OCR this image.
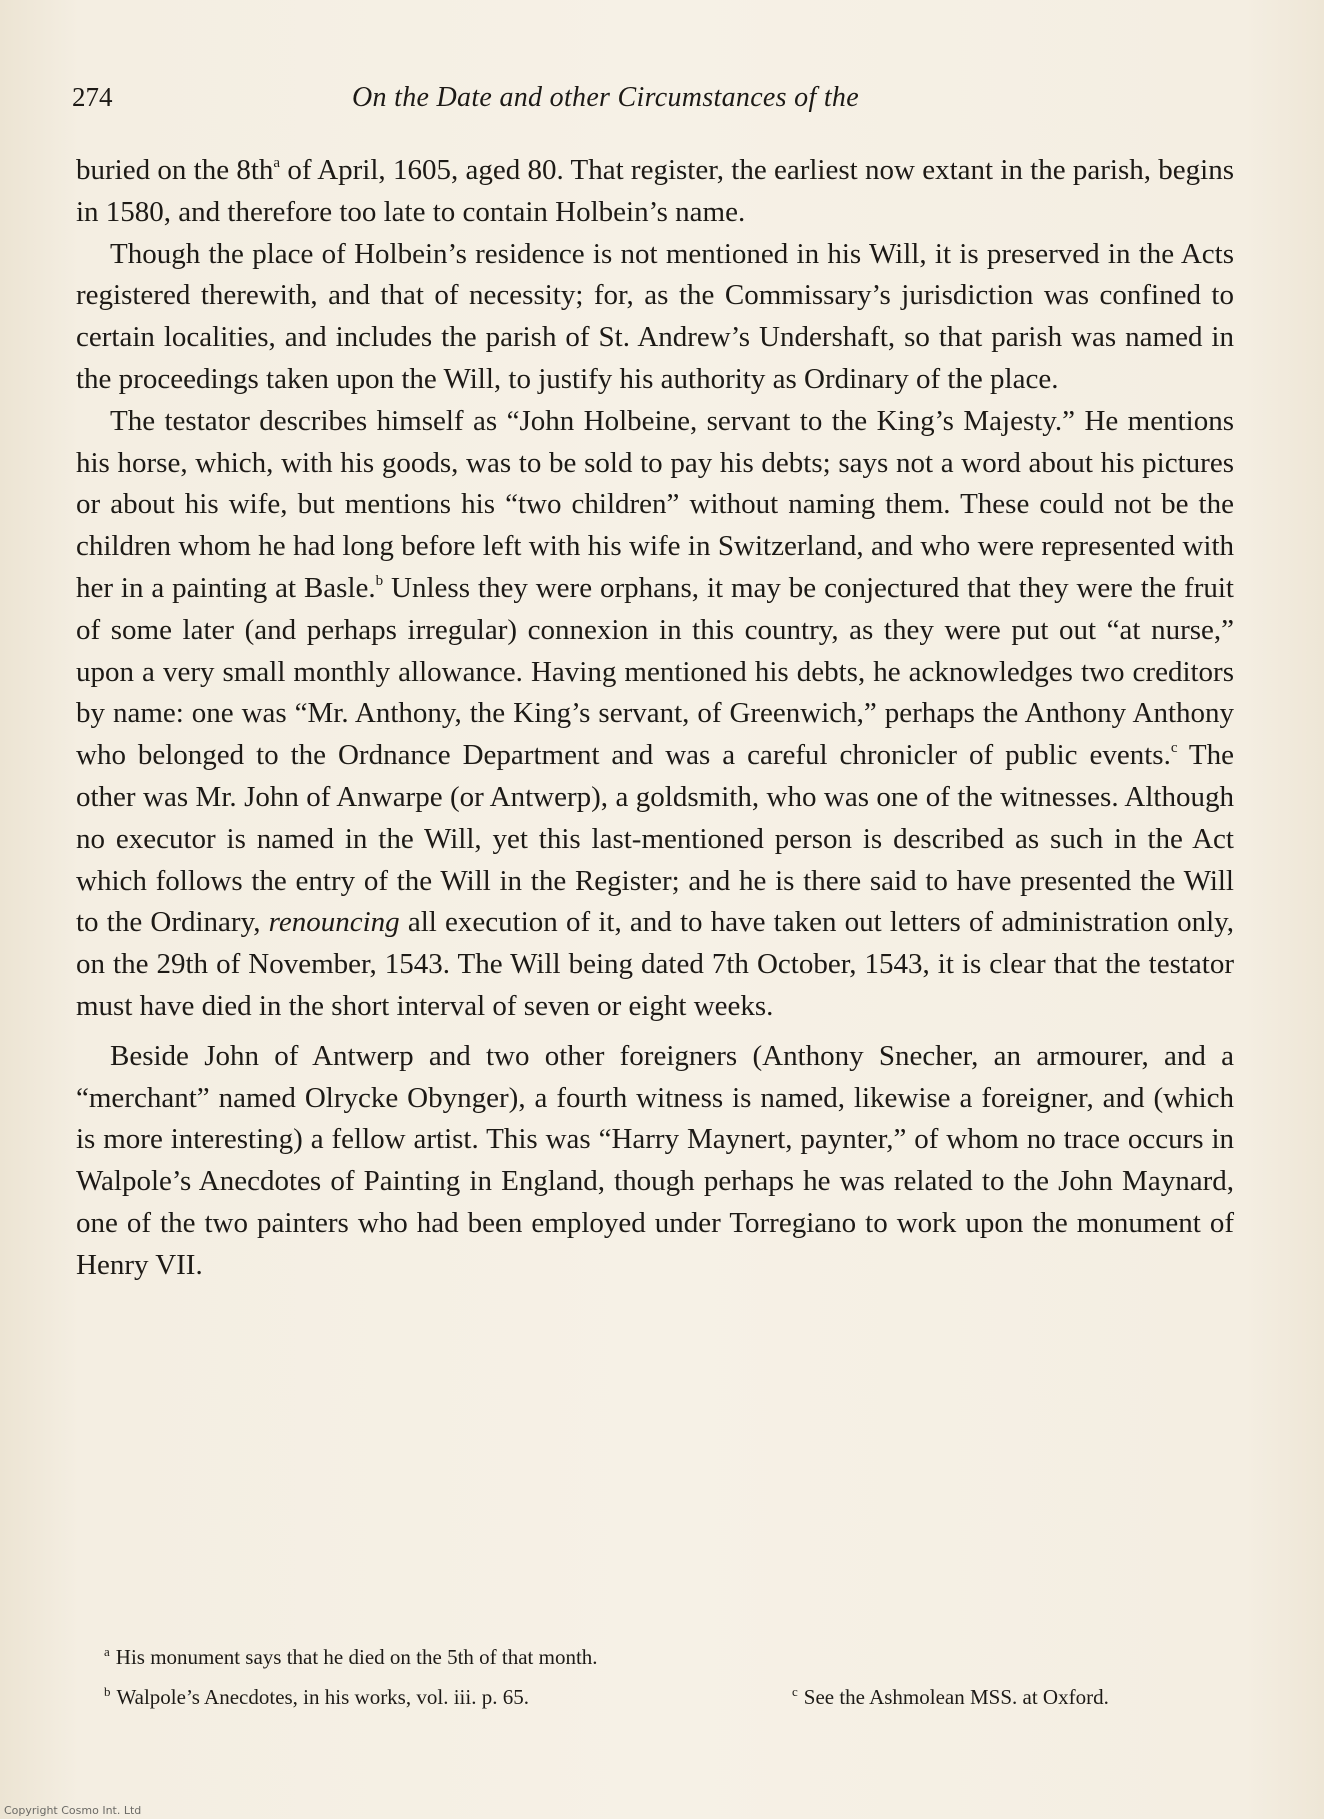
274	On the Date and other Circumstances of the

buried on the 8th$^a$ of April, 1605, aged 80. That register, the earliest now extant in the parish, begins in 1580, and therefore too late to contain Holbein’s name.

Though the place of Holbein’s residence is not mentioned in his Will, it is preserved in the Acts registered therewith, and that of necessity; for, as the Commissary’s jurisdiction was confined to certain localities, and includes the parish of St. Andrew’s Undershaft, so that parish was named in the proceedings taken upon the Will, to justify his authority as Ordinary of the place.

The testator describes himself as “John Holbeine, servant to the King’s Majesty.” He mentions his horse, which, with his goods, was to be sold to pay his debts; says not a word about his pictures or about his wife, but mentions his “two children” without naming them. These could not be the children whom he had long before left with his wife in Switzerland, and who were represented with her in a painting at Basle.$^b$ Unless they were orphans, it may be conjectured that they were the fruit of some later (and perhaps irregular) connexion in this country, as they were put out “at nurse,” upon a very small monthly allowance. Having mentioned his debts, he acknowledges two creditors by name: one was “Mr. Anthony, the King’s servant, of Greenwich,” perhaps the Anthony Anthony who belonged to the Ordnance Department and was a careful chronicler of public events.$^c$ The other was Mr. John of Anwarpe (or Antwerp), a goldsmith, who was one of the witnesses. Although no executor is named in the Will, yet this last-mentioned person is described as such in the Act which follows the entry of the Will in the Register; and he is there said to have presented the Will to the Ordinary, renouncing all execution of it, and to have taken out letters of administration only, on the 29th of November, 1543. The Will being dated 7th October, 1543, it is clear that the testator must have died in the short interval of seven or eight weeks.

Beside John of Antwerp and two other foreigners (Anthony Snecher, an armourer, and a “merchant” named Olrycke Obynger), a fourth witness is named, likewise a foreigner, and (which is more interesting) a fellow artist. This was “Harry Maynert, paynter,” of whom no trace occurs in Walpole’s Anecdotes of Painting in England, though perhaps he was related to the John Maynard, one of the two painters who had been employed under Torregiano to work upon the monument of Henry VII.

$^a$ His monument says that he died on the 5th of that month.
$^b$ Walpole’s Anecdotes, in his works, vol. iii. p. 65.	$^c$ See the Ashmolean MSS. at Oxford.
Copyright Cosmo Int. Ltd
